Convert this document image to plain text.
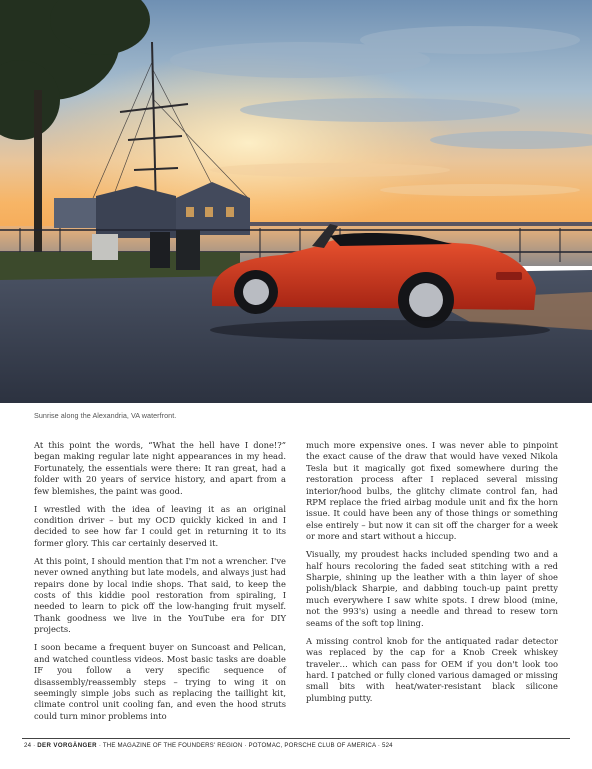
Sunrise along the Alexandria, VA waterfront.

At this point the words, “What the hell have I done!?” began making regular late night appearances in my head. Fortunately, the essentials were there: It ran great, had a folder with 20 years of service history, and apart from a few blemishes, the paint was good.

I wrestled with the idea of leaving it as an original condition driver – but my OCD quickly kicked in and I decided to see how far I could get in returning it to its former glory. This car certainly deserved it.

At this point, I should mention that I'm not a wrencher. I've never owned anything but late models, and always just had repairs done by local indie shops. That said, to keep the costs of this kiddie pool restoration from spiraling, I needed to learn to pick off the low-hanging fruit myself. Thank goodness we live in the YouTube era for DIY projects.

I soon became a frequent buyer on Suncoast and Pelican, and watched countless videos. Most basic tasks are doable IF you follow a very specific sequence of disassembly/reassembly steps – trying to wing it on seemingly simple jobs such as replacing the taillight kit, climate control unit cooling fan, and even the hood struts could turn minor problems into

much more expensive ones. I was never able to pinpoint the exact cause of the draw that would have vexed Nikola Tesla but it magically got fixed somewhere during the restoration process after I replaced several missing interior/hood bulbs, the glitchy climate control fan, had RPM replace the fried airbag module unit and fix the horn issue. It could have been any of those things or something else entirely – but now it can sit off the charger for a week or more and start without a hiccup.

Visually, my proudest hacks included spending two and a half hours recoloring the faded seat stitching with a red Sharpie, shining up the leather with a thin layer of shoe polish/black Sharpie, and dabbing touch-up paint pretty much everywhere I saw white spots. I drew blood (mine, not the 993's) using a needle and thread to resew torn seams of the soft top lining.

A missing control knob for the antiquated radar detector was replaced by the cap for a Knob Creek whiskey traveler… which can pass for OEM if you don't look too hard. I patched or fully cloned various damaged or missing small bits with heat/water-resistant black silicone plumbing putty.

24 · DER VORGÄNGER · THE MAGAZINE OF THE FOUNDERS' REGION · POTOMAC, PORSCHE CLUB OF AMERICA · 524
